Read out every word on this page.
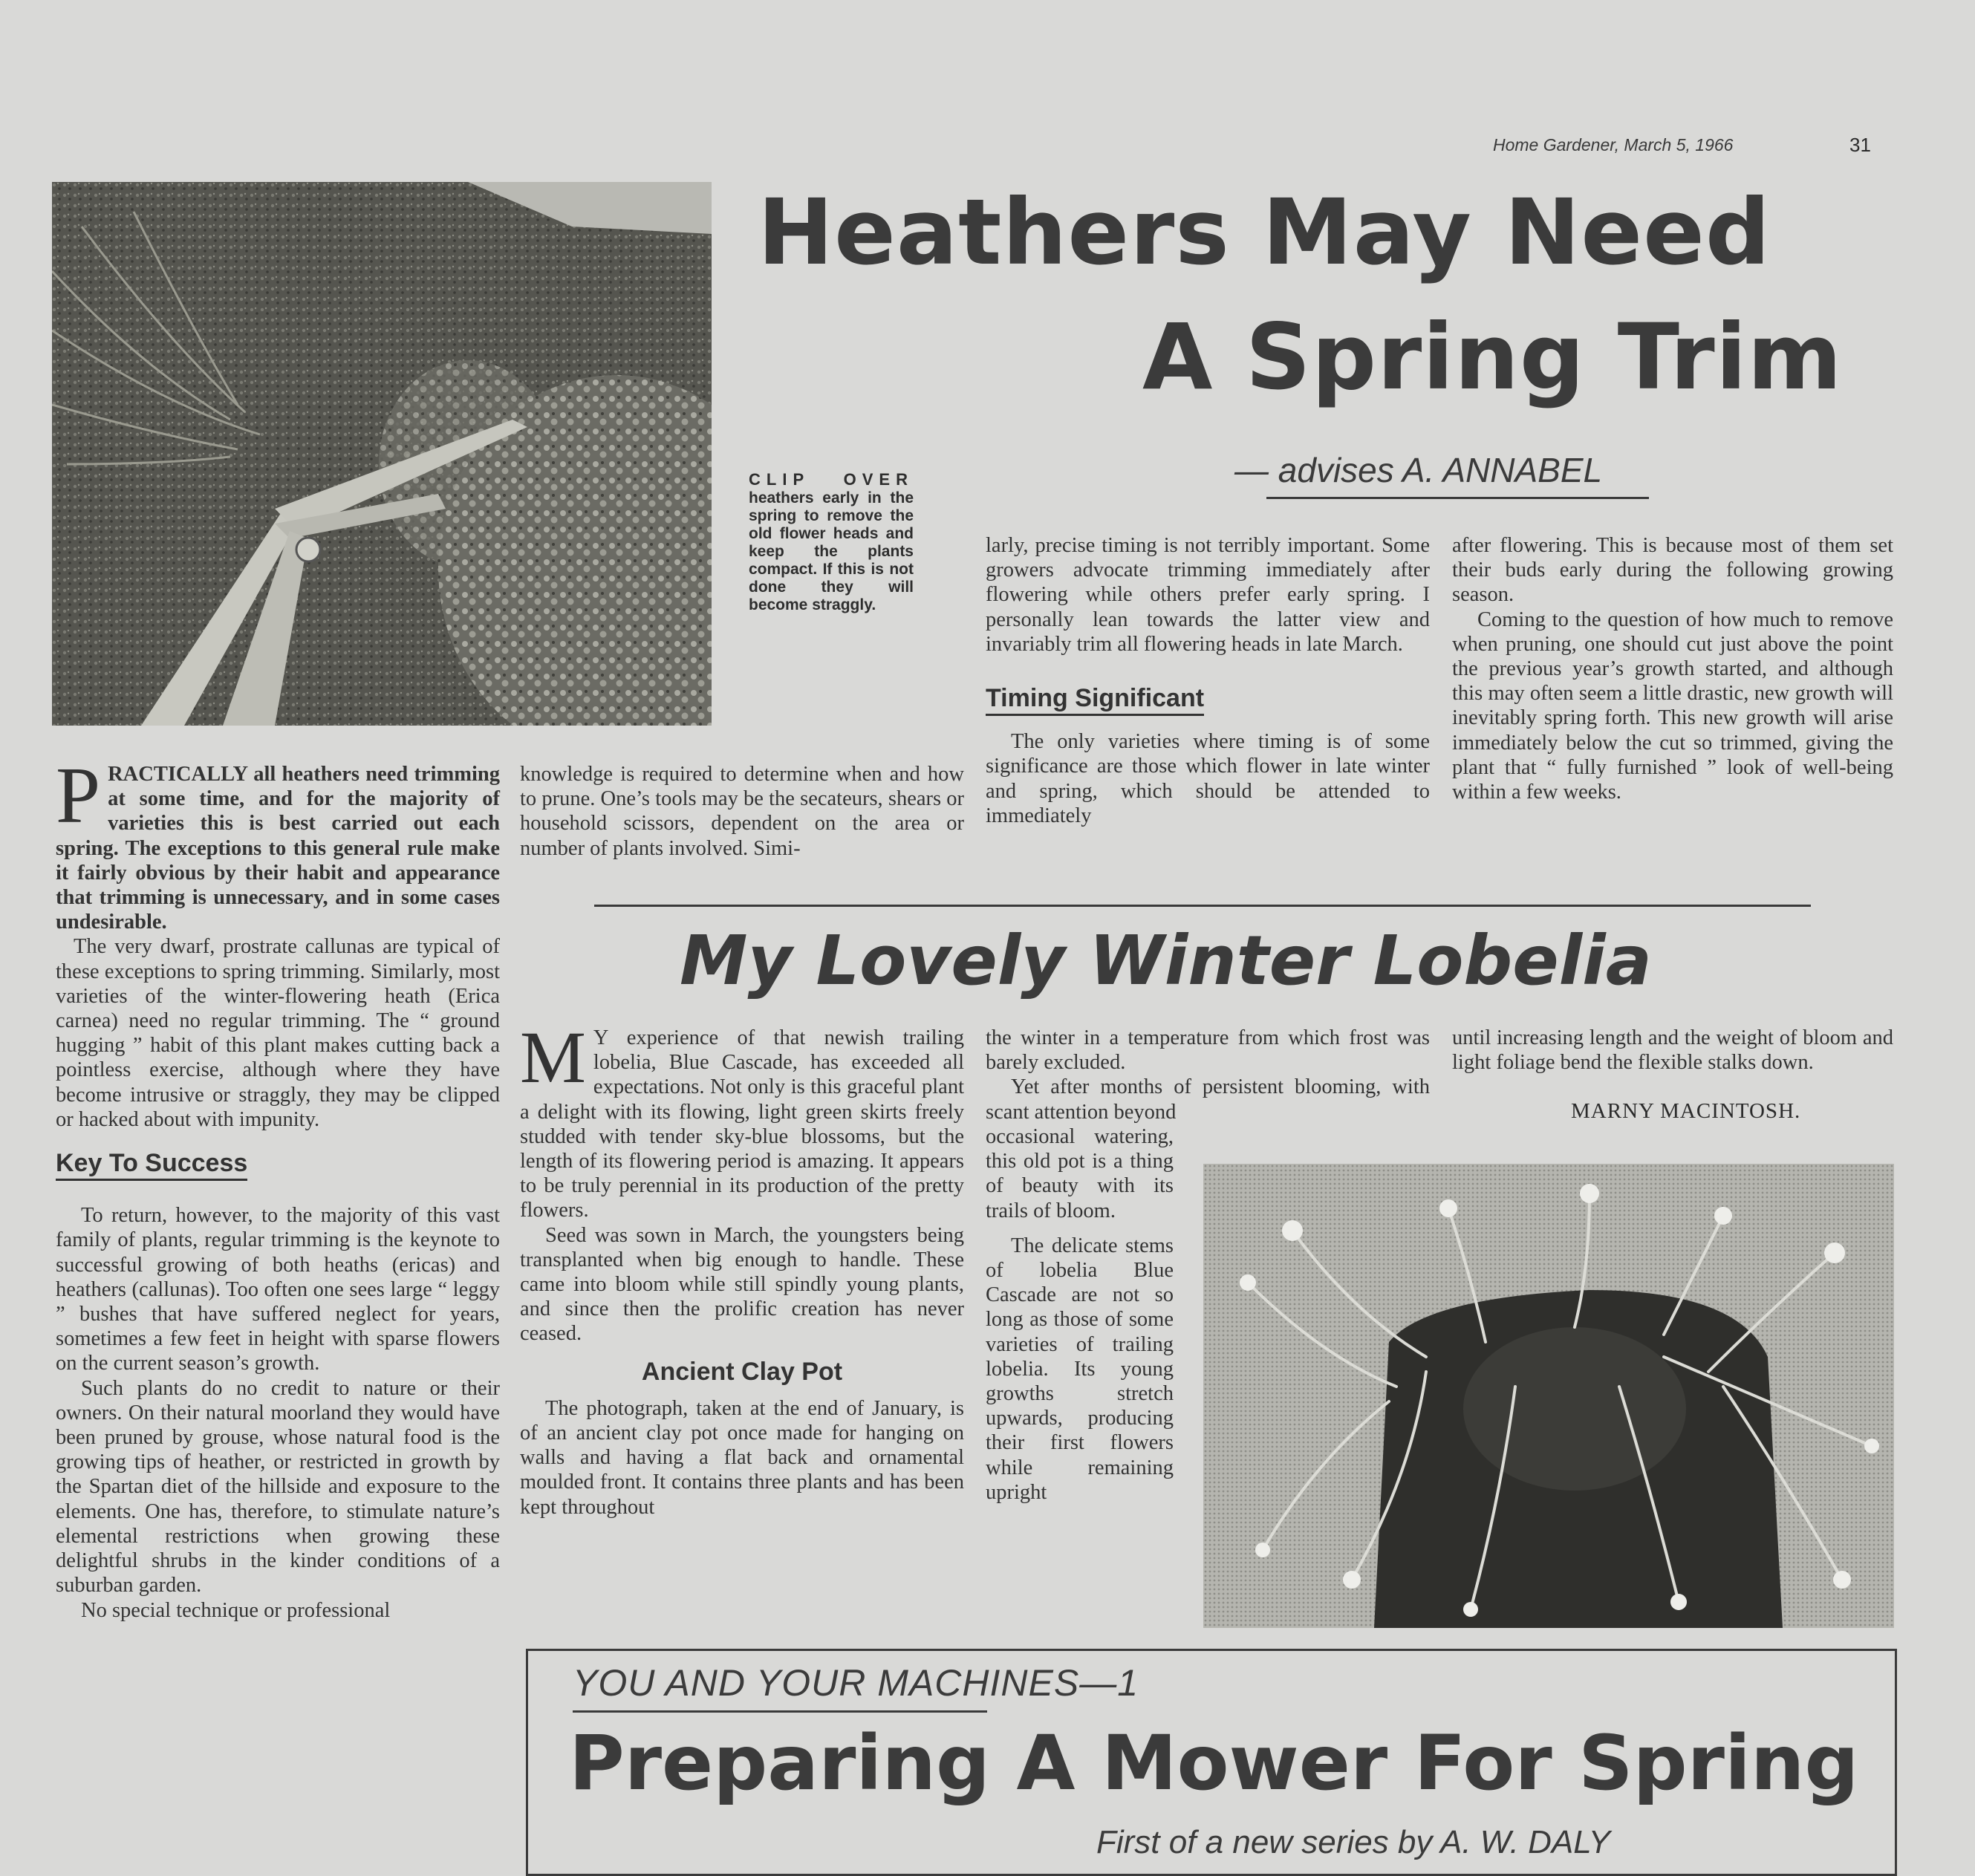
Home Gardener, March 5, 1966	31
CLIP OVER heathers early in the spring to remove the old flower heads and keep the plants compact. If this is not done they will become straggly.
Heathers May Need
A Spring Trim
— advises A. ANNABEL

PRACTICALLY all heathers need trimming at some time, and for the majority of varieties this is best carried out each spring. The exceptions to this general rule make it fairly obvious by their habit and appearance that trimming is unnecessary, and in some cases undesirable.

The very dwarf, prostrate callunas are typical of these exceptions to spring trimming. Similarly, most varieties of the winter-flowering heath (Erica carnea) need no regular trimming. The “ ground hugging ” habit of this plant makes cutting back a pointless exercise, although where they have become intrusive or straggly, they may be clipped or hacked about with impunity.

Key To Success

To return, however, to the majority of this vast family of plants, regular trimming is the keynote to successful growing of both heaths (ericas) and heathers (callunas). Too often one sees large “ leggy ” bushes that have suffered neglect for years, sometimes a few feet in height with sparse flowers on the current season’s growth.

Such plants do no credit to nature or their owners. On their natural moorland they would have been pruned by grouse, whose natural food is the growing tips of heather, or restricted in growth by the Spartan diet of the hillside and exposure to the elements. One has, therefore, to stimulate nature’s elemental restrictions when growing these delightful shrubs in the kinder conditions of a suburban garden.

No special technique or professional

knowledge is required to determine when and how to prune. One’s tools may be the secateurs, shears or household scissors, dependent on the area or number of plants involved. Simi-

larly, precise timing is not terribly important. Some growers advocate trimming immediately after flowering while others prefer early spring. I personally lean towards the latter view and invariably trim all flowering heads in late March.

Timing Significant

The only varieties where timing is of some significance are those which flower in late winter and spring, which should be attended to immediately

after flowering. This is because most of them set their buds early during the following growing season.

Coming to the question of how much to remove when pruning, one should cut just above the point the previous year’s growth started, and although this may often seem a little drastic, new growth will inevitably spring forth. This new growth will arise immediately below the cut so trimmed, giving the plant that “ fully furnished ” look of well-being within a few weeks.

My Lovely Winter Lobelia

M Y experience of that newish trailing lobelia, Blue Cascade, has exceeded all expectations. Not only is this graceful plant a delight with its flowing, light green skirts freely studded with tender sky-blue blossoms, but the length of its flowering period is amazing. It appears to be truly perennial in its production of the pretty flowers.

Seed was sown in March, the youngsters being transplanted when big enough to handle. These came into bloom while still spindly young plants, and since then the prolific creation has never ceased.

Ancient Clay Pot

The photograph, taken at the end of January, is of an ancient clay pot once made for hanging on walls and having a flat back and ornamental moulded front. It contains three plants and has been kept throughout

the winter in a temperature from which frost was barely excluded.

Yet after months of persistent blooming, with scant attention beyond

occasional watering, this old pot is a thing of beauty with its trails of bloom.

The delicate stems of lobelia Blue Cascade are not so long as those of some varieties of trailing lobelia. Its young growths stretch upwards, producing their first flowers while remaining upright

until increasing length and the weight of bloom and light foliage bend the flexible stalks down.

MARNY MACINTOSH.
YOU AND YOUR MACHINES—1
Preparing A Mower For Spring
First of a new series by A. W. DALY
